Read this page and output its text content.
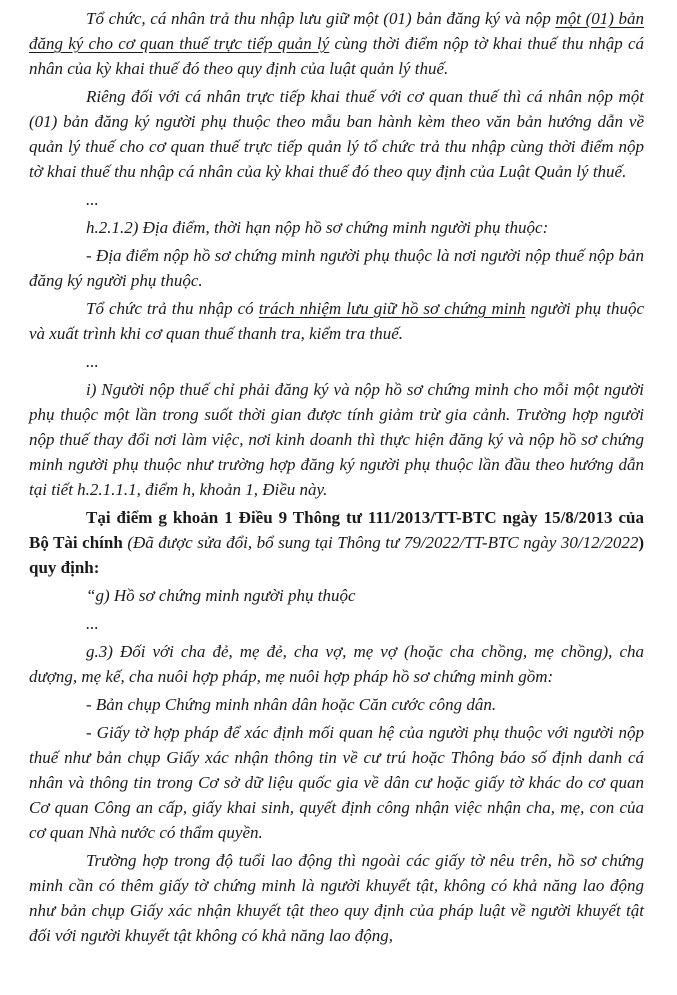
Tổ chức, cá nhân trả thu nhập lưu giữ một (01) bản đăng ký và nộp một (01) bản đăng ký cho cơ quan thuế trực tiếp quản lý cùng thời điểm nộp tờ khai thuế thu nhập cá nhân của kỳ khai thuế đó theo quy định của luật quản lý thuế.

Riêng đối với cá nhân trực tiếp khai thuế với cơ quan thuế thì cá nhân nộp một (01) bản đăng ký người phụ thuộc theo mẫu ban hành kèm theo văn bản hướng dẫn về quản lý thuế cho cơ quan thuế trực tiếp quản lý tổ chức trả thu nhập cùng thời điểm nộp tờ khai thuế thu nhập cá nhân của kỳ khai thuế đó theo quy định của Luật Quản lý thuế.

...

h.2.1.2) Địa điểm, thời hạn nộp hồ sơ chứng minh người phụ thuộc:

- Địa điểm nộp hồ sơ chứng minh người phụ thuộc là nơi người nộp thuế nộp bản đăng ký người phụ thuộc.

Tổ chức trả thu nhập có trách nhiệm lưu giữ hồ sơ chứng minh người phụ thuộc và xuất trình khi cơ quan thuế thanh tra, kiểm tra thuế.

...

i) Người nộp thuế chỉ phải đăng ký và nộp hồ sơ chứng minh cho mỗi một người phụ thuộc một lần trong suốt thời gian được tính giảm trừ gia cảnh. Trường hợp người nộp thuế thay đổi nơi làm việc, nơi kinh doanh thì thực hiện đăng ký và nộp hồ sơ chứng minh người phụ thuộc như trường hợp đăng ký người phụ thuộc lần đầu theo hướng dẫn tại tiết h.2.1.1.1, điểm h, khoản 1, Điều này.

Tại điểm g khoản 1 Điều 9 Thông tư 111/2013/TT-BTC ngày 15/8/2013 của Bộ Tài chính (Đã được sửa đổi, bổ sung tại Thông tư 79/2022/TT-BTC ngày 30/12/2022) quy định:

“g) Hồ sơ chứng minh người phụ thuộc

...

g.3) Đối với cha đẻ, mẹ đẻ, cha vợ, mẹ vợ (hoặc cha chồng, mẹ chồng), cha dượng, mẹ kế, cha nuôi hợp pháp, mẹ nuôi hợp pháp hồ sơ chứng minh gồm:

- Bản chụp Chứng minh nhân dân hoặc Căn cước công dân.

- Giấy tờ hợp pháp để xác định mối quan hệ của người phụ thuộc với người nộp thuế như bản chụp Giấy xác nhận thông tin về cư trú hoặc Thông báo số định danh cá nhân và thông tin trong Cơ sở dữ liệu quốc gia về dân cư hoặc giấy tờ khác do cơ quan Cơ quan Công an cấp, giấy khai sinh, quyết định công nhận việc nhận cha, mẹ, con của cơ quan Nhà nước có thẩm quyền.

Trường hợp trong độ tuổi lao động thì ngoài các giấy tờ nêu trên, hồ sơ chứng minh cần có thêm giấy tờ chứng minh là người khuyết tật, không có khả năng lao động như bản chụp Giấy xác nhận khuyết tật theo quy định của pháp luật về người khuyết tật đối với người khuyết tật không có khả năng lao động,
